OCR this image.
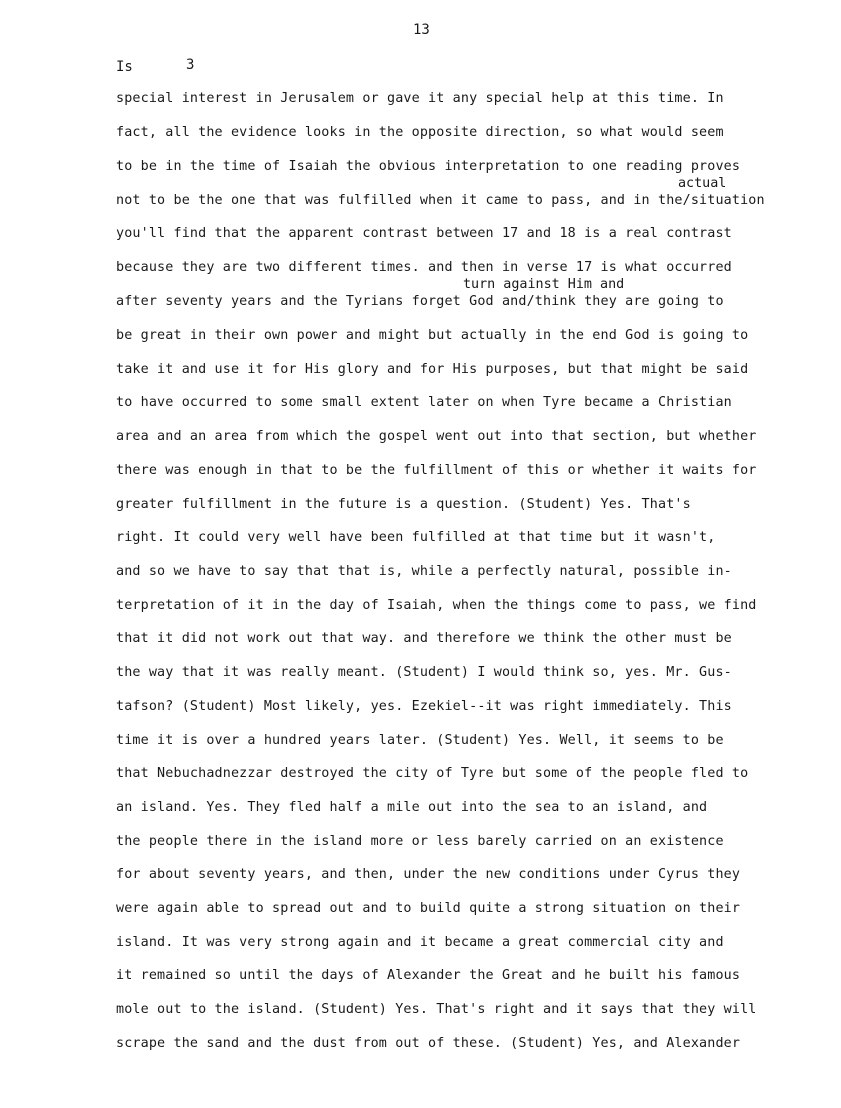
13
Is	3
actual
turn against Him and
special interest in Jerusalem or gave it any special help at this time. In
fact, all the evidence looks in the opposite direction, so what would seem
to be in the time of Isaiah the obvious interpretation to one reading proves
not to be the one that was fulfilled when it came to pass, and in the/situation
you'll find that the apparent contrast between 17 and 18 is a real contrast
because they are two different times. and then in verse 17 is what occurred
after seventy years and the Tyrians forget God and/think they are going to
be great in their own power and might but actually in the end God is going to
take it and use it for His glory and for His purposes, but that might be said
to have occurred to some small extent later on when Tyre became a Christian
area and an area from which the gospel went out into that section, but whether
there was enough in that to be the fulfillment of this or whether it waits for
greater fulfillment in the future is a question. (Student) Yes. That's
right. It could very well have been fulfilled at that time but it wasn't,
and so we have to say that that is, while a perfectly natural, possible in-
terpretation of it in the day of Isaiah, when the things come to pass, we find
that it did not work out that way. and therefore we think the other must be
the way that it was really meant. (Student) I would think so, yes. Mr. Gus-
tafson? (Student) Most likely, yes. Ezekiel--it was right immediately. This
time it is over a hundred years later. (Student) Yes. Well, it seems to be
that Nebuchadnezzar destroyed the city of Tyre but some of the people fled to
an island. Yes. They fled half a mile out into the sea to an island, and
the people there in the island more or less barely carried on an existence
for about seventy years, and then, under the new conditions under Cyrus they
were again able to spread out and to build quite a strong situation on their
island. It was very strong again and it became a great commercial city and
it remained so until the days of Alexander the Great and he built his famous
mole out to the island. (Student) Yes. That's right and it says that they will
scrape the sand and the dust from out of these. (Student) Yes, and Alexander
